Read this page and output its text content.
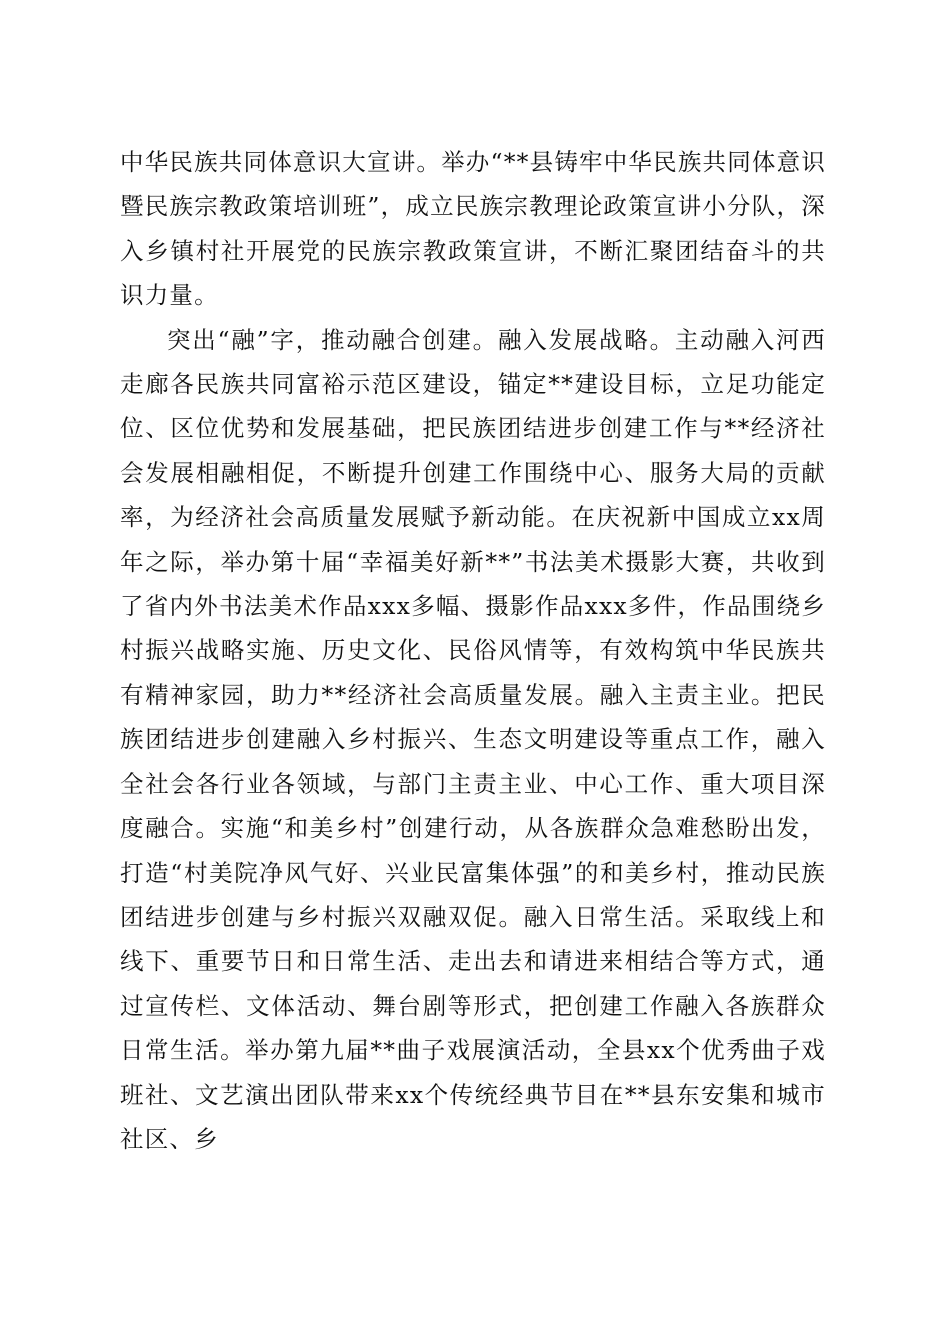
中华民族共同体意识大宣讲。举办“**县铸牢中华民族共同体意识暨民族宗教政策培训班”，成立民族宗教理论政策宣讲小分队，深入乡镇村社开展党的民族宗教政策宣讲，不断汇聚团结奋斗的共识力量。

突出“融”字，推动融合创建。融入发展战略。主动融入河西走廊各民族共同富裕示范区建设，锚定**建设目标，立足功能定位、区位优势和发展基础，把民族团结进步创建工作与**经济社会发展相融相促，不断提升创建工作围绕中心、服务大局的贡献率，为经济社会高质量发展赋予新动能。在庆祝新中国成立xx周年之际，举办第十届“幸福美好新**”书法美术摄影大赛，共收到了省内外书法美术作品xxx多幅、摄影作品xxx多件，作品围绕乡村振兴战略实施、历史文化、民俗风情等，有效构筑中华民族共有精神家园，助力**经济社会高质量发展。融入主责主业。把民族团结进步创建融入乡村振兴、生态文明建设等重点工作，融入全社会各行业各领域，与部门主责主业、中心工作、重大项目深度融合。实施“和美乡村”创建行动，从各族群众急难愁盼出发，打造“村美院净风气好、兴业民富集体强”的和美乡村，推动民族团结进步创建与乡村振兴双融双促。融入日常生活。采取线上和线下、重要节日和日常生活、走出去和请进来相结合等方式，通过宣传栏、文体活动、舞台剧等形式，把创建工作融入各族群众日常生活。举办第九届**曲子戏展演活动，全县xx个优秀曲子戏班社、文艺演出团队带来xx个传统经典节目在**县东安集和城市社区、乡
